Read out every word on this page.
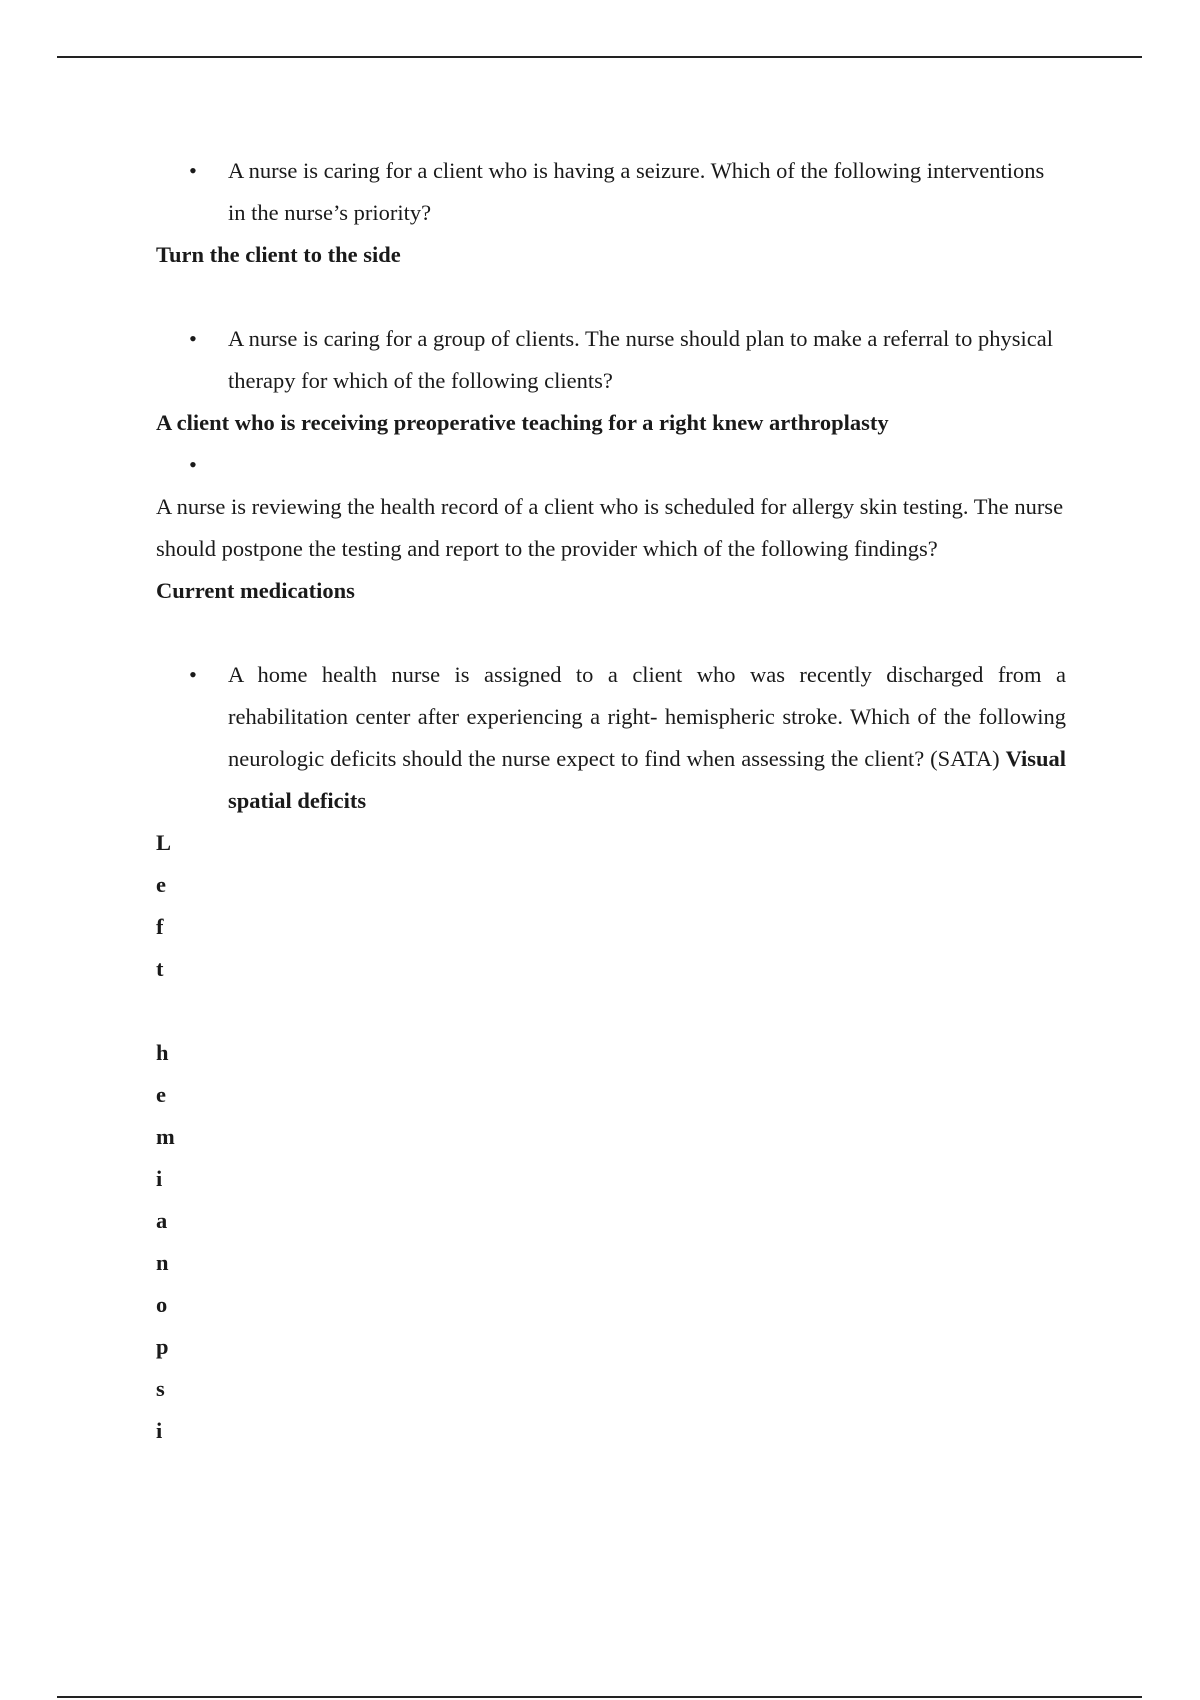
• A nurse is caring for a client who is having a seizure. Which of the following interventions in the nurse’s priority?
Turn the client to the side
• A nurse is caring for a group of clients. The nurse should plan to make a referral to physical therapy for which of the following clients?
A client who is receiving preoperative teaching for a right knew arthroplasty
•
A nurse is reviewing the health record of a client who is scheduled for allergy skin testing. The nurse should postpone the testing and report to the provider which of the following findings?
Current medications
• A home health nurse is assigned to a client who was recently discharged from a rehabilitation center after experiencing a right- hemispheric stroke. Which of the following neurologic deficits should the nurse expect to find when assessing the client? (SATA) Visual spatial deficits
L
e
f
t
h
e
m
i
a
n
o
p
s
i
